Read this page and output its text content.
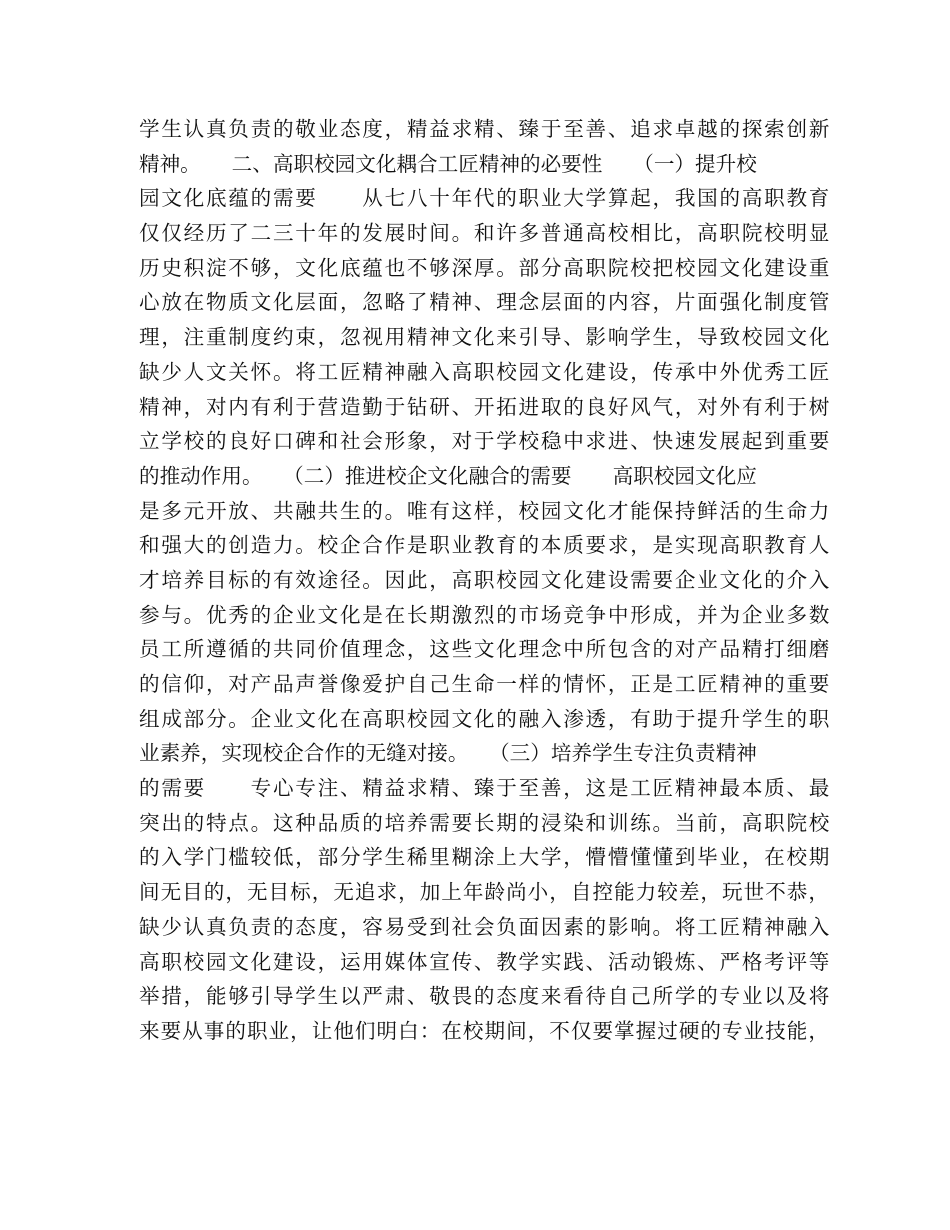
学生认真负责的敬业态度，精益求精、臻于至善、追求卓越的探索创新
精神。　　二、高职校园文化耦合工匠精神的必要性　　（一）提升校
园文化底蕴的需要　　从七八十年代的职业大学算起，我国的高职教育
仅仅经历了二三十年的发展时间。和许多普通高校相比，高职院校明显
历史积淀不够，文化底蕴也不够深厚。部分高职院校把校园文化建设重
心放在物质文化层面，忽略了精神、理念层面的内容，片面强化制度管
理，注重制度约束，忽视用精神文化来引导、影响学生，导致校园文化
缺少人文关怀。将工匠精神融入高职校园文化建设，传承中外优秀工匠
精神，对内有利于营造勤于钻研、开拓进取的良好风气，对外有利于树
立学校的良好口碑和社会形象，对于学校稳中求进、快速发展起到重要
的推动作用。　　（二）推进校企文化融合的需要　　高职校园文化应
是多元开放、共融共生的。唯有这样，校园文化才能保持鲜活的生命力
和强大的创造力。校企合作是职业教育的本质要求，是实现高职教育人
才培养目标的有效途径。因此，高职校园文化建设需要企业文化的介入
参与。优秀的企业文化是在长期激烈的市场竞争中形成，并为企业多数
员工所遵循的共同价值理念，这些文化理念中所包含的对产品精打细磨
的信仰，对产品声誉像爱护自己生命一样的情怀，正是工匠精神的重要
组成部分。企业文化在高职校园文化的融入渗透，有助于提升学生的职
业素养，实现校企合作的无缝对接。　　（三）培养学生专注负责精神
的需要　　专心专注、精益求精、臻于至善，这是工匠精神最本质、最
突出的特点。这种品质的培养需要长期的浸染和训练。当前，高职院校
的入学门槛较低，部分学生稀里糊涂上大学，懵懵懂懂到毕业，在校期
间无目的，无目标，无追求，加上年龄尚小，自控能力较差，玩世不恭，
缺少认真负责的态度，容易受到社会负面因素的影响。将工匠精神融入
高职校园文化建设，运用媒体宣传、教学实践、活动锻炼、严格考评等
举措，能够引导学生以严肃、敬畏的态度来看待自己所学的专业以及将
来要从事的职业，让他们明白：在校期间，不仅要掌握过硬的专业技能，
